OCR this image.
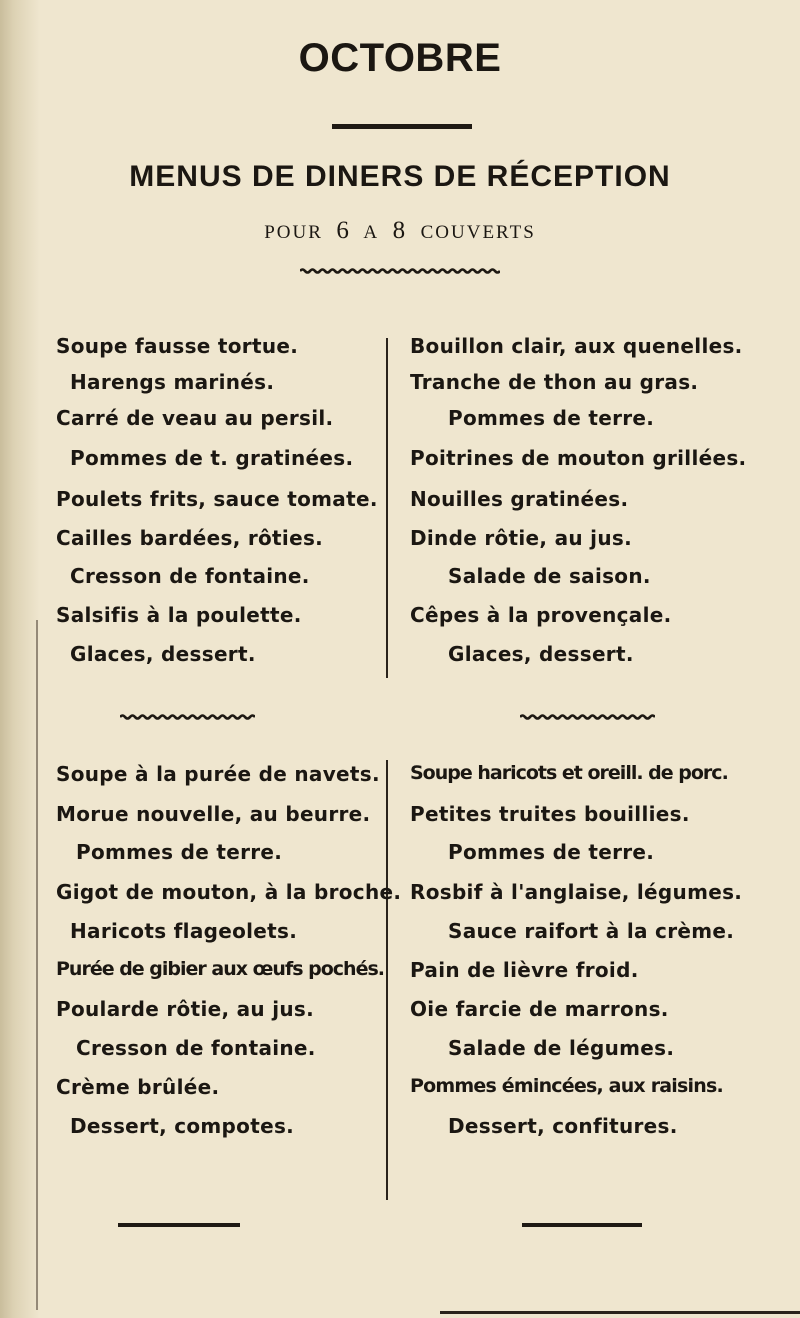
OCTOBRE
MENUS DE DINERS DE RÉCEPTION
POUR 6 A 8 COUVERTS
Soupe fausse tortue.
Harengs marinés.
Carré de veau au persil.
Pommes de t. gratinées.
Poulets frits, sauce tomate.
Cailles bardées, rôties.
Cresson de fontaine.
Salsifis à la poulette.
Glaces, dessert.
Bouillon clair, aux quenelles.
Tranche de thon au gras.
Pommes de terre.
Poitrines de mouton grillées.
Nouilles gratinées.
Dinde rôtie, au jus.
Salade de saison.
Cêpes à la provençale.
Glaces, dessert.
Soupe à la purée de navets.
Morue nouvelle, au beurre.
Pommes de terre.
Gigot de mouton, à la broche.
Haricots flageolets.
Purée de gibier aux œufs pochés.
Poularde rôtie, au jus.
Cresson de fontaine.
Crème brûlée.
Dessert, compotes.
Soupe haricots et oreill. de porc.
Petites truites bouillies.
Pommes de terre.
Rosbif à l'anglaise, légumes.
Sauce raifort à la crème.
Pain de lièvre froid.
Oie farcie de marrons.
Salade de légumes.
Pommes émincées, aux raisins.
Dessert, confitures.
